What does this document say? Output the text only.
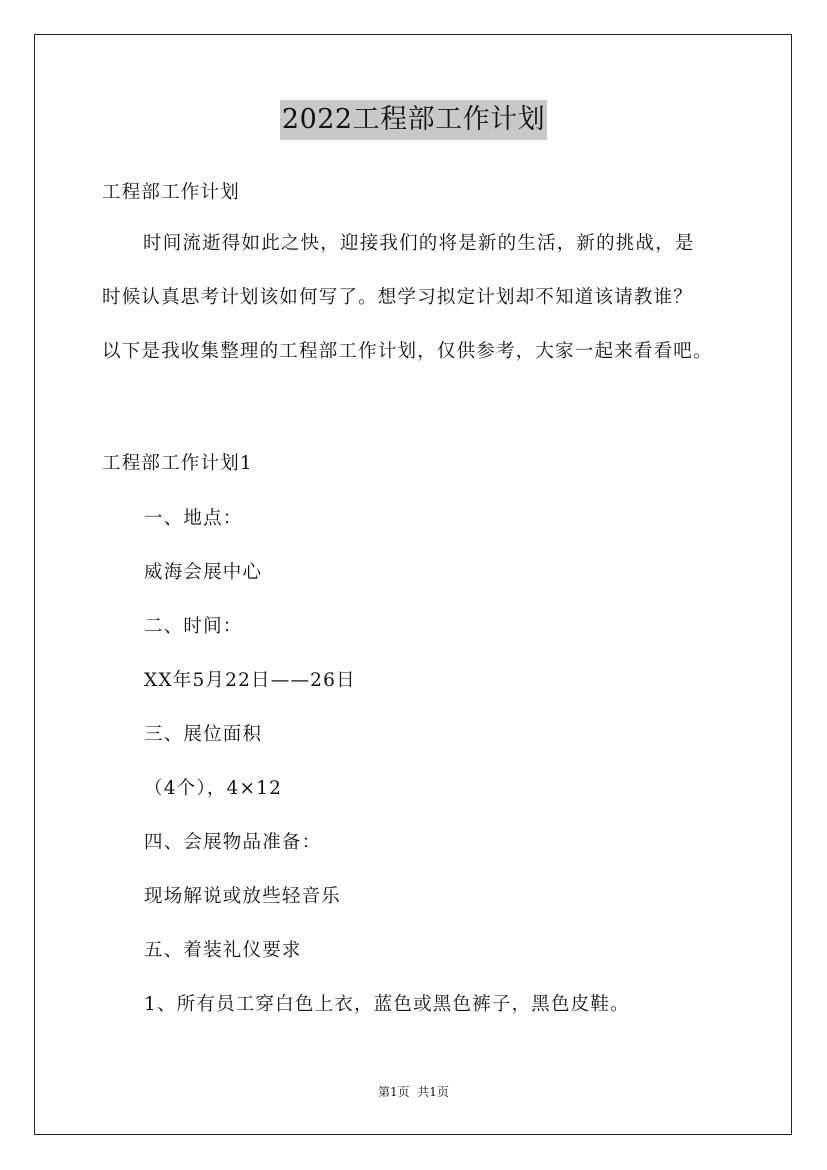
2022工程部工作计划
工程部工作计划
时间流逝得如此之快，迎接我们的将是新的生活，新的挑战，是
时候认真思考计划该如何写了。想学习拟定计划却不知道该请教谁？
以下是我收集整理的工程部工作计划，仅供参考，大家一起来看看吧。
工程部工作计划1
一、地点：
威海会展中心
二、时间：
XX年5月22日——26日
三、展位面积
（4个），4×12
四、会展物品准备：
现场解说或放些轻音乐
五、着装礼仪要求
1、所有员工穿白色上衣，蓝色或黑色裤子，黑色皮鞋。
第1页  共1页
